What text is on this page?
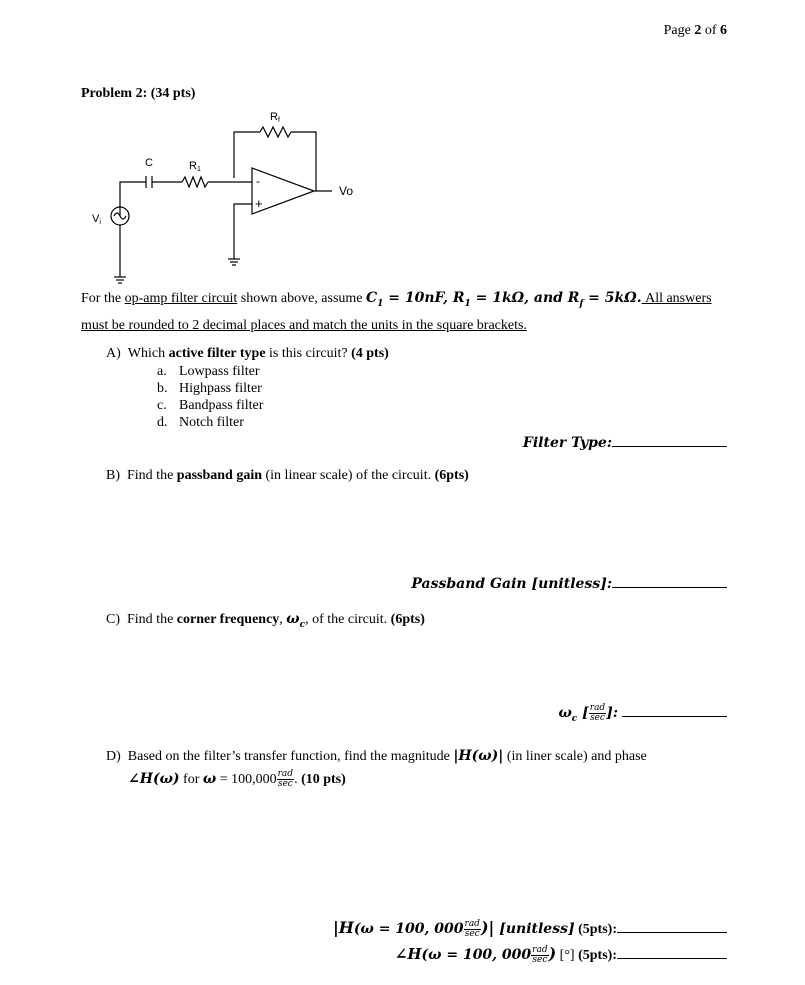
Page 2 of 6
Problem 2: (34 pts)
Rf
C	R1
Vi
Vo
-
+
For the op-amp filter circuit shown above, assume $C_1 = 10nF$, $R_1 = 1k\Omega$, and $R_f = 5k\Omega$. All answers
must be rounded to 2 decimal places and match the units in the square brackets.
A) Which active filter type is this circuit? (4 pts)
a. Lowpass filter
b. Highpass filter
c. Bandpass filter
d. Notch filter
Filter Type:
B) Find the passband gain (in linear scale) of the circuit. (6pts)
Passband Gain [unitless]:
C) Find the corner frequency, $\omega_c$, of the circuit. (6pts)
$\omega_c$ [ $\frac{\text{rad}}{\sec}$ ]:
D) Based on the filter’s transfer function, find the magnitude |H(ω)| (in liner scale) and phase
∠H(ω) for $\omega = 100,000 \frac{\text{rad}}{\sec}$ . (10 pts)
|H(ω = 100, $000 \frac{\text{rad}}{\sec}$ )| [unitless] (5pts):
∠H(ω = 100, $000 \frac{\text{rad}}{\sec}$ ) [°] (5pts):
